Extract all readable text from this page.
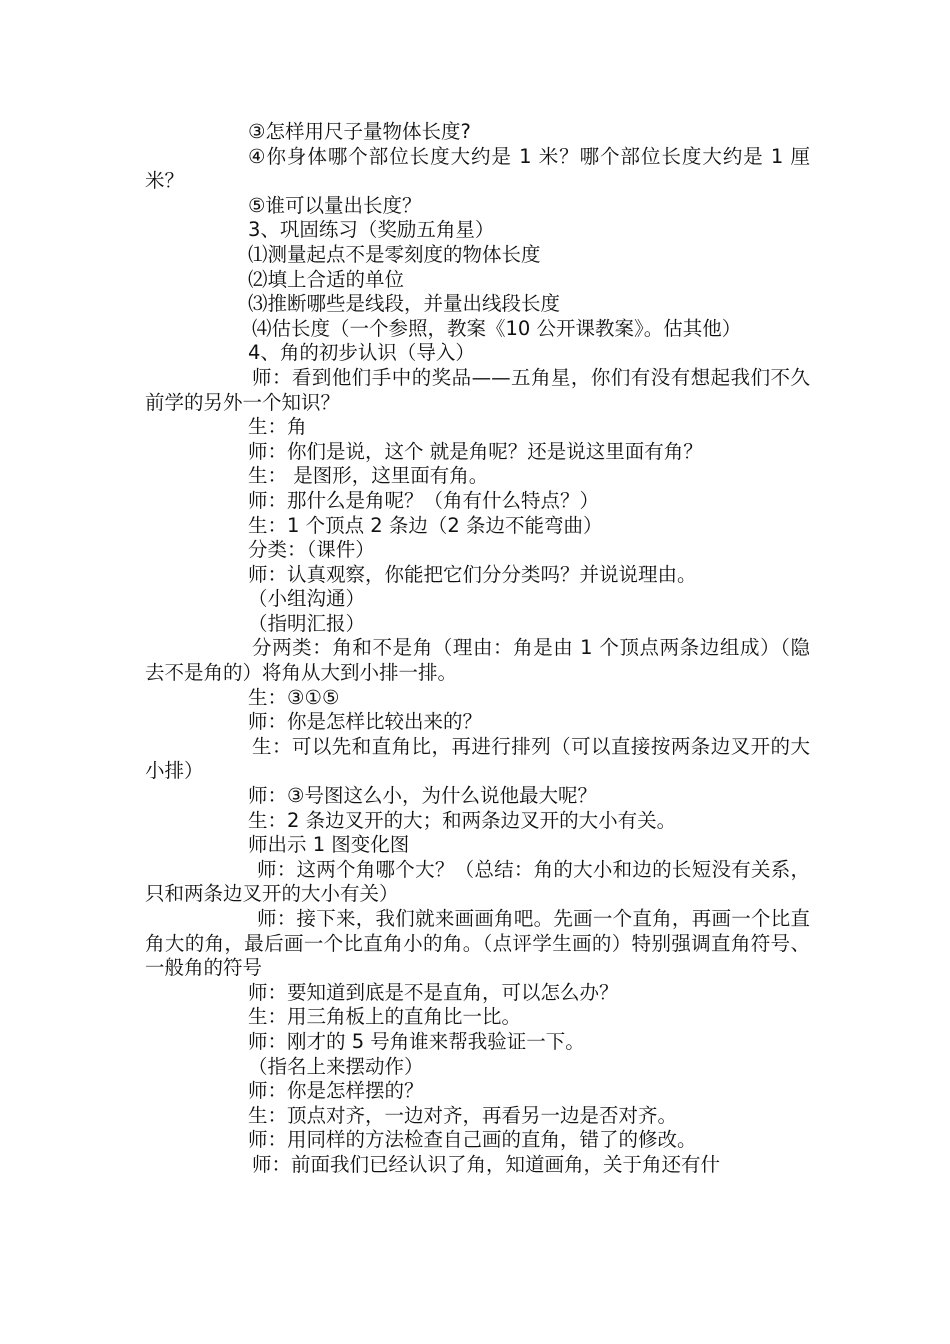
③怎样用尺子量物体长度?

④你身体哪个部位长度大约是 1 米？哪个部位长度大约是 1 厘米？

⑤谁可以量出长度？

3、巩固练习（奖励五角星）

⑴测量起点不是零刻度的物体长度

⑵填上合适的单位

⑶推断哪些是线段，并量出线段长度

⑷估长度（一个参照，教案《10 公开课教案》。估其他）

4、角的初步认识（导入）

师：看到他们手中的奖品——五角星，你们有没有想起我们不久前学的另外一个知识？

生：角

师：你们是说，这个 就是角呢？还是说这里面有角？

生： 是图形，这里面有角。

师：那什么是角呢？（角有什么特点？）

生：1 个顶点 2 条边（2 条边不能弯曲）

分类：（课件）

师：认真观察，你能把它们分分类吗？并说说理由。

（小组沟通）

（指明汇报）

分两类：角和不是角（理由：角是由 1 个顶点两条边组成）（隐去不是角的）将角从大到小排一排。

生：③①⑤

师：你是怎样比较出来的？

生：可以先和直角比，再进行排列（可以直接按两条边叉开的大小排）

师：③号图这么小，为什么说他最大呢？

生：2 条边叉开的大；和两条边叉开的大小有关。

师出示 1 图变化图

师：这两个角哪个大？（总结：角的大小和边的长短没有关系，只和两条边叉开的大小有关）

师：接下来，我们就来画画角吧。先画一个直角，再画一个比直角大的角，最后画一个比直角小的角。（点评学生画的）特别强调直角符号、一般角的符号

师：要知道到底是不是直角，可以怎么办？

生：用三角板上的直角比一比。

师：刚才的 5 号角谁来帮我验证一下。

（指名上来摆动作）

师：你是怎样摆的？

生：顶点对齐，一边对齐，再看另一边是否对齐。

师：用同样的方法检查自己画的直角，错了的修改。

师：前面我们已经认识了角，知道画角，关于角还有什
